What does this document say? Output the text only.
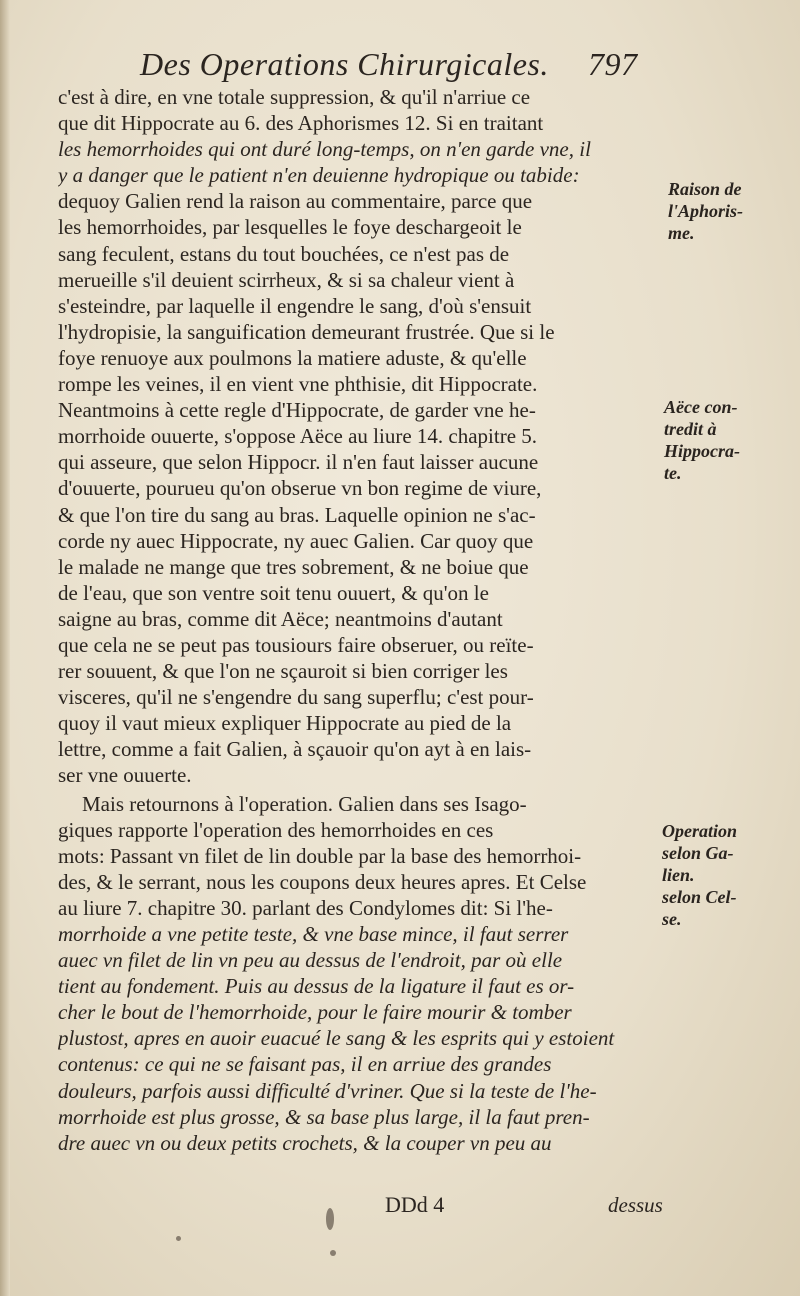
Des Operations Chirurgicales. 797
c'est à dire, en vne totale suppression, & qu'il n'arriue ce
que dit Hippocrate au 6. des Aphorismes 12. Si en traitant
les hemorrhoides qui ont duré long-temps, on n'en garde vne, il
y a danger que le patient n'en deuienne hydropique ou tabide:
dequoy Galien rend la raison au commentaire, parce que
les hemorrhoides, par lesquelles le foye deschargeoit le
sang feculent, estans du tout bouchées, ce n'est pas de
merueille s'il deuient scirrheux, & si sa chaleur vient à
s'esteindre, par laquelle il engendre le sang, d'où s'ensuit
l'hydropisie, la sanguification demeurant frustrée. Que si le
foye renuoye aux poulmons la matiere aduste, & qu'elle
rompe les veines, il en vient vne phthisie, dit Hippocrate.
Neantmoins à cette regle d'Hippocrate, de garder vne he-
morrhoide ouuerte, s'oppose Aëce au liure 14. chapitre 5.
qui asseure, que selon Hippocr. il n'en faut laisser aucune
d'ouuerte, pourueu qu'on obserue vn bon regime de viure,
& que l'on tire du sang au bras. Laquelle opinion ne s'ac-
corde ny auec Hippocrate, ny auec Galien. Car quoy que
le malade ne mange que tres sobrement, & ne boiue que
de l'eau, que son ventre soit tenu ouuert, & qu'on le
saigne au bras, comme dit Aëce; neantmoins d'autant
que cela ne se peut pas tousiours faire obseruer, ou reïte-
rer souuent, & que l'on ne sçauroit si bien corriger les
visceres, qu'il ne s'engendre du sang superflu; c'est pour-
quoy il vaut mieux expliquer Hippocrate au pied de la
lettre, comme a fait Galien, à sçauoir qu'on ayt à en lais-
ser vne ouuerte.
Mais retournons à l'operation. Galien dans ses Isago-
giques rapporte l'operation des hemorrhoides en ces
mots: Passant vn filet de lin double par la base des hemorrhoi-
des, & le serrant, nous les coupons deux heures apres. Et Celse
au liure 7. chapitre 30. parlant des Condylomes dit: Si l'he-
morrhoide a vne petite teste, & vne base mince, il faut serrer
auec vn filet de lin vn peu au dessus de l'endroit, par où elle
tient au fondement. Puis au dessus de la ligature il faut es or-
cher le bout de l'hemorrhoide, pour le faire mourir & tomber
plustost, apres en auoir euacué le sang & les esprits qui y estoient
contenus: ce qui ne se faisant pas, il en arriue des grandes
douleurs, parfois aussi difficulté d'vriner. Que si la teste de l'he-
morrhoide est plus grosse, & sa base plus large, il la faut pren-
dre auec vn ou deux petits crochets, & la couper vn peu au
Raison de
l'Aphoris-
me.
Aëce con-
tredit à
Hippocra-
te.
Operation
selon Ga-
lien.
selon Cel-
se.
DDd 4	dessus
